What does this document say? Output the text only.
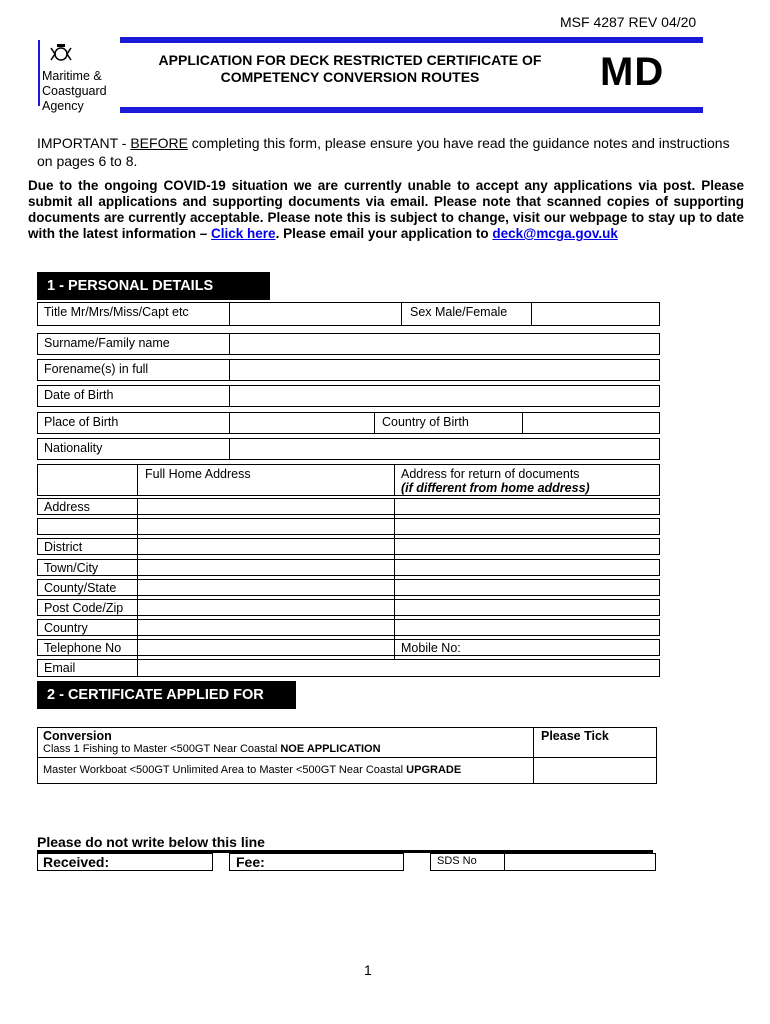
MSF 4287 REV 04/20
Maritime &
Coastguard
Agency
APPLICATION FOR DECK RESTRICTED CERTIFICATE OF
COMPETENCY CONVERSION ROUTES	MD
IMPORTANT - BEFORE completing this form, please ensure you have read the guidance notes and instructions on pages 6 to 8.
Due to the ongoing COVID-19 situation we are currently unable to accept any applications via post. Please submit all applications and supporting documents via email. Please note that scanned copies of supporting documents are currently acceptable. Please note this is subject to change, visit our webpage to stay up to date with the latest information – Click here. Please email your application to deck@mcga.gov.uk
1 - PERSONAL DETAILS
Title Mr/Mrs/Miss/Capt etc	Sex Male/Female
Surname/Family name
Forename(s) in full
Date of Birth
Place of Birth	Country of Birth
Nationality
Full Home Address	Address for return of documents
(if different from home address)
Address
District
Town/City
County/State
Post Code/Zip
Country
Telephone No	Mobile No:
Email
2 - CERTIFICATE APPLIED FOR
Conversion	Please Tick
Class 1 Fishing to Master <500GT Near Coastal NOE APPLICATION
Master Workboat <500GT Unlimited Area to Master <500GT Near Coastal UPGRADE
Please do not write below this line
Received:	Fee:	SDS No
1
